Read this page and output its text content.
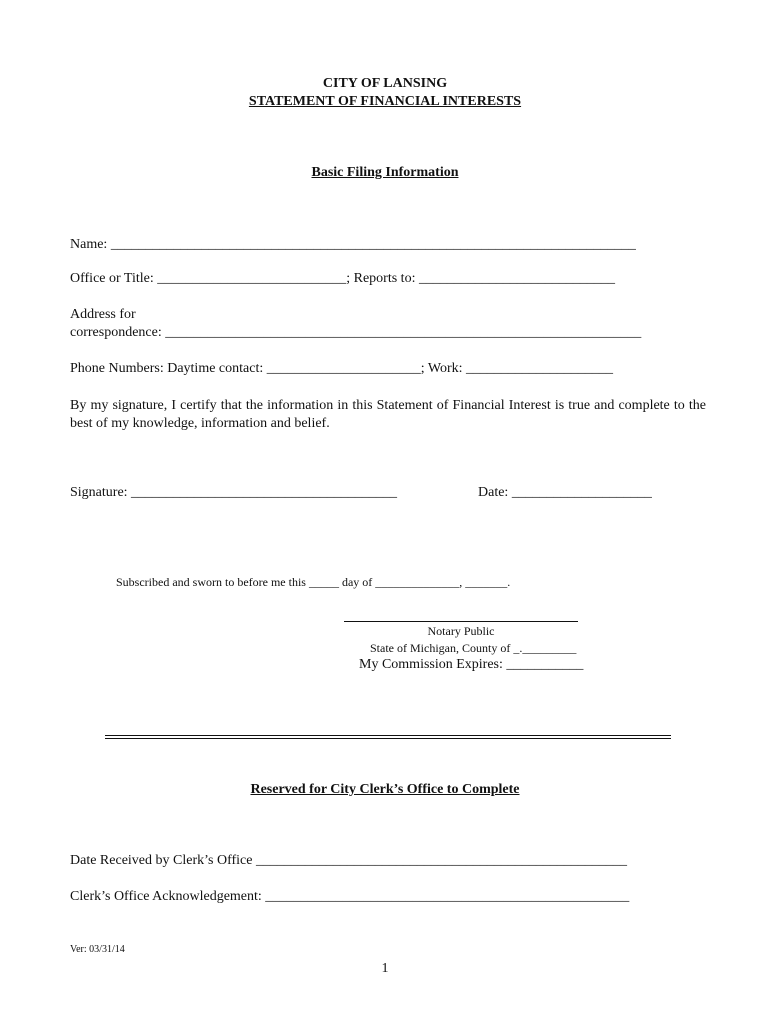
CITY OF LANSING
STATEMENT OF FINANCIAL INTERESTS
Basic Filing Information
Name: ___________________________________________________________________________
Office or Title: ___________________________; Reports to: ____________________________
Address for
correspondence: ____________________________________________________________________
Phone Numbers: Daytime contact: ______________________; Work: _____________________
By my signature, I certify that the information in this Statement of Financial Interest is true and complete to the best of my knowledge, information and belief.
Signature: ______________________________________	Date: ____________________
Subscribed and sworn to before me this _____ day of ______________, _______.
Notary Public
State of Michigan, County of _._________
My Commission Expires: ___________
Reserved for City Clerk’s Office to Complete
Date Received by Clerk’s Office _____________________________________________________
Clerk’s Office Acknowledgement: ____________________________________________________
Ver: 03/31/14
1
